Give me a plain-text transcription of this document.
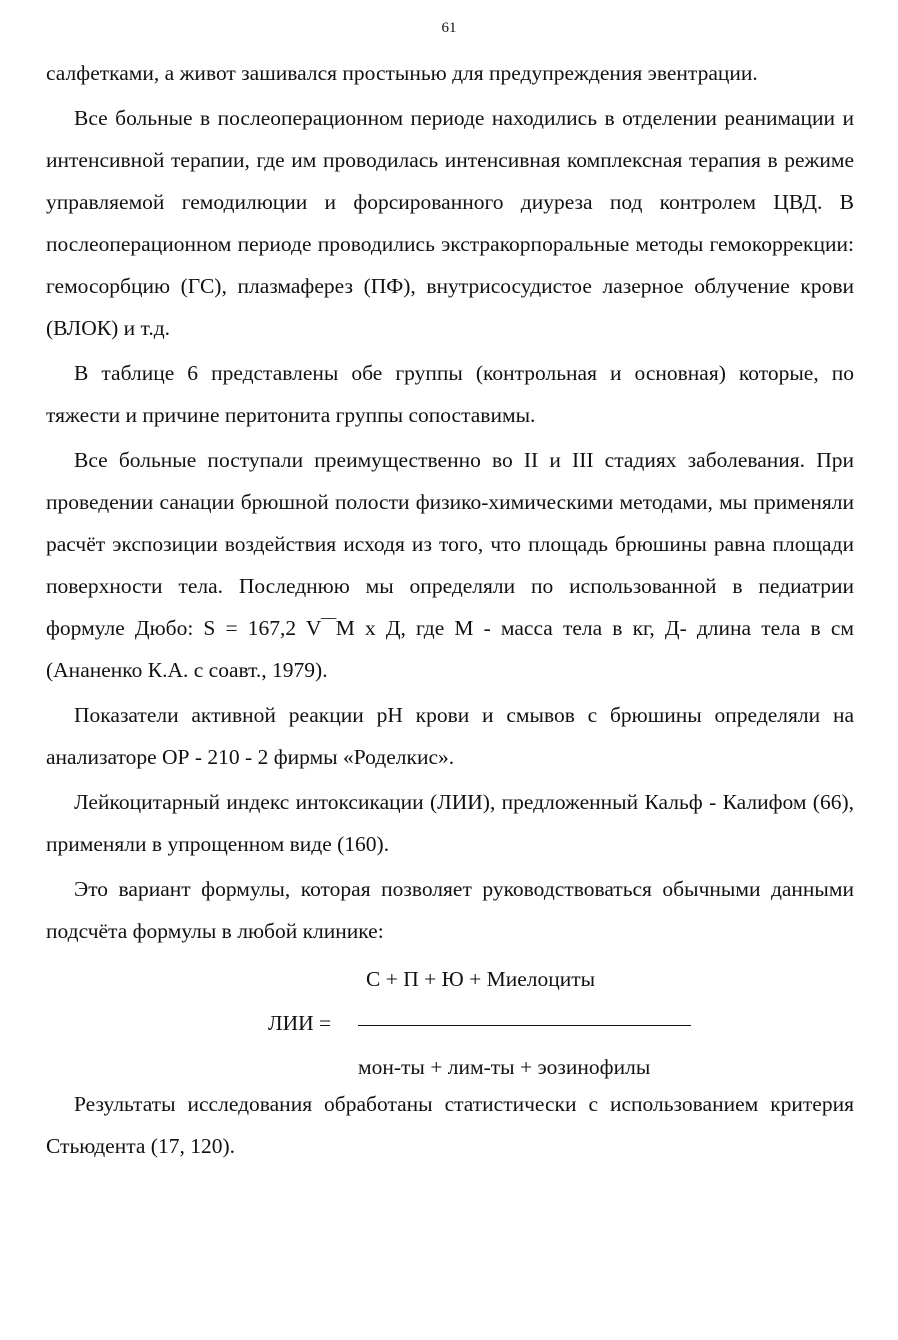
61

салфетками, а живот зашивался простынью для предупреждения эвентрации.

Все больные в послеоперационном периоде находились в отделении реанимации и интенсивной терапии, где им проводилась интенсивная комплексная терапия в режиме управляемой гемодилюции и форсированного диуреза под контролем ЦВД. В послеоперационном периоде проводились экстракорпоральные методы гемокоррекции: гемосорбцию (ГС), плазмаферез (ПФ), внутрисосудистое лазерное облучение крови (ВЛОК) и т.д.

В таблице 6 представлены обе группы (контрольная и основная) которые, по тяжести и причине перитонита группы сопоставимы.

Все больные поступали преимущественно во II и III стадиях заболевания. При проведении санации брюшной полости физико-химическими методами, мы применяли расчёт экспозиции воздействия исходя из того, что площадь брюшины равна площади поверхности тела. Последнюю мы определяли по использованной в педиатрии формуле Дюбо: S = 167,2 V‾‾M х Д, где М - масса тела в кг, Д- длина тела в см (Ананенко К.А. с соавт., 1979).

Показатели активной реакции pH крови и смывов с брюшины определяли на анализаторе ОР - 210 - 2 фирмы «Роделкис».

Лейкоцитарный индекс интоксикации (ЛИИ), предложенный Кальф - Калифом (66), применяли в упрощенном виде (160).

Это вариант формулы, которая позволяет руководствоваться обычными данными подсчёта формулы в любой клинике:

С + П + Ю + Миелоциты
ЛИИ =
мон-ты + лим-ты + эозинофилы

Результаты исследования обработаны статистически с использованием критерия Стьюдента (17, 120).
